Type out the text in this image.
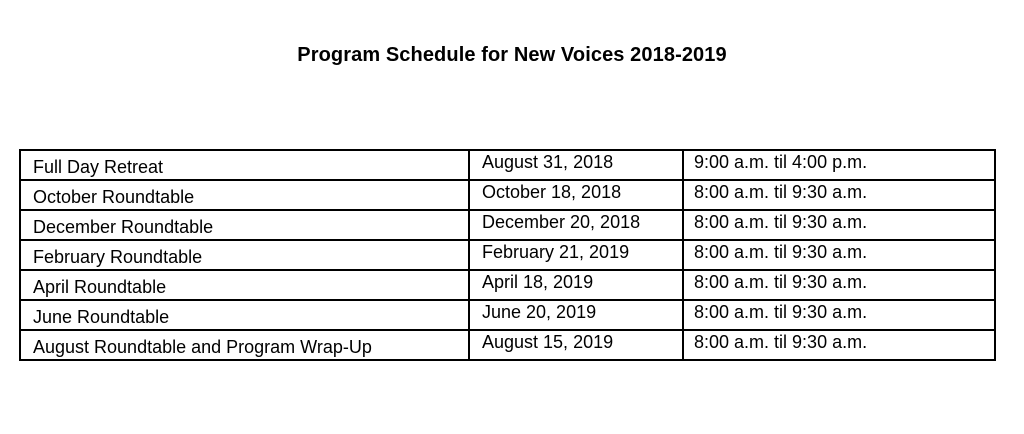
Program Schedule for New Voices 2018-2019
Full Day Retreat	August 31, 2018	9:00 a.m. til 4:00 p.m.

October Roundtable	October 18, 2018	8:00 a.m. til 9:30 a.m.

December Roundtable	December 20, 2018	8:00 a.m. til 9:30 a.m.

February Roundtable	February 21, 2019	8:00 a.m. til 9:30 a.m.

April Roundtable	April 18, 2019	8:00 a.m. til 9:30 a.m.

June Roundtable	June 20, 2019	8:00 a.m. til 9:30 a.m.

August Roundtable and Program Wrap-Up	August 15, 2019	8:00 a.m. til 9:30 a.m.
